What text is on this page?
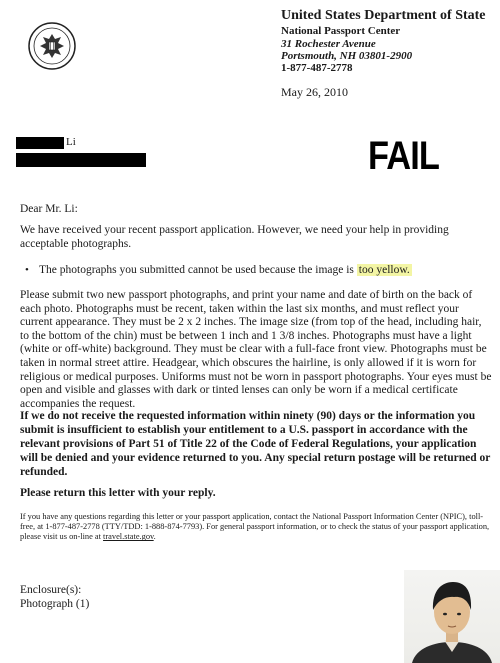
United States Department of State
National Passport Center
31 Rochester Avenue
Portsmouth, NH 03801-2900
1-877-487-2778
May 26, 2010
Li	FAIL
Dear Mr. Li:
We have received your recent passport application. However, we need your help in providing acceptable photographs.
• The photographs you submitted cannot be used because the image is too yellow.
Please submit two new passport photographs, and print your name and date of birth on the back of each photo. Photographs must be recent, taken within the last six months, and must reflect your current appearance. They must be 2 x 2 inches. The image size (from top of the head, including hair, to the bottom of the chin) must be between 1 inch and 1 3/8 inches. Photographs must have a light (white or off-white) background. They must be clear with a full-face front view. Photographs must be taken in normal street attire. Headgear, which obscures the hairline, is only allowed if it is worn for religious or medical purposes. Uniforms must not be worn in passport photographs. Your eyes must be open and visible and glasses with dark or tinted lenses can only be worn if a medical certificate accompanies the request.
If we do not receive the requested information within ninety (90) days or the information you submit is insufficient to establish your entitlement to a U.S. passport in accordance with the relevant provisions of Part 51 of Title 22 of the Code of Federal Regulations, your application will be denied and your evidence returned to you. Any special return postage will be returned or refunded.
Please return this letter with your reply.
If you have any questions regarding this letter or your passport application, contact the National Passport Information Center (NPIC), toll-free, at 1-877-487-2778 (TTY/TDD: 1-888-874-7793). For general passport information, or to check the status of your passport application, please visit us on-line at travel.state.gov.
Enclosure(s):
Photograph (1)
